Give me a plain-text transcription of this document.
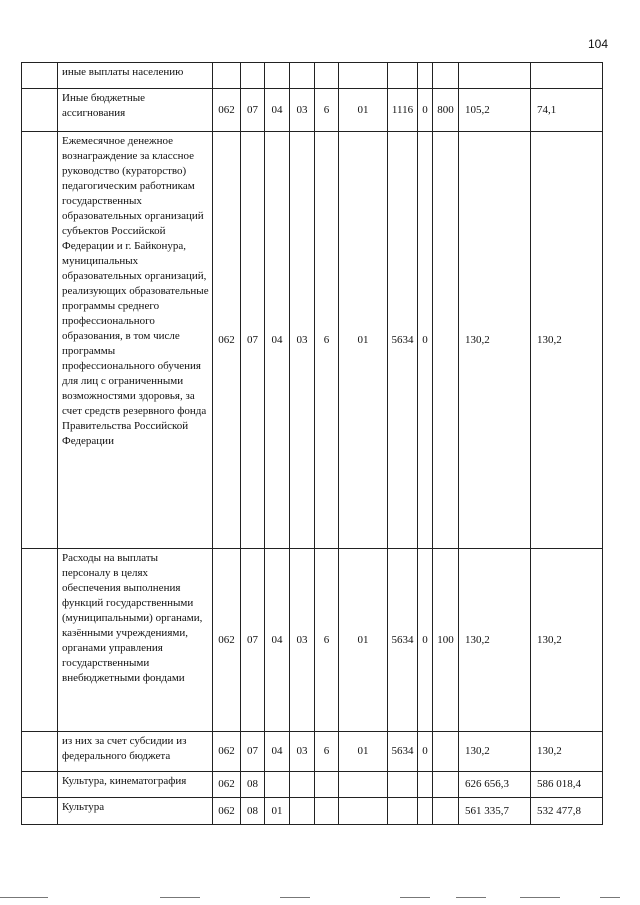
104
	иные выплаты населению											
	Иные бюджетные ассигнования	062	07	04	03	6	01	1116	0	800	105,2	74,1
	Ежемесячное денежное вознаграждение за классное руководство (кураторство) педагогическим работникам государственных образовательных организаций субъектов Российской Федерации и г. Байконура, муниципальных образовательных организаций, реализующих образовательные программы среднего профессионального образования, в том числе программы профессионального обучения для лиц с ограниченными возможностями здоровья, за счет средств резервного фонда Правительства Российской Федерации	062	07	04	03	6	01	5634	0		130,2	130,2
	Расходы на выплаты персоналу в целях обеспечения выполнения функций государственными (муниципальными) органами, казёнными учреждениями, органами управления государственными внебюджетными фондами	062	07	04	03	6	01	5634	0	100	130,2	130,2
	из них за счет субсидии из федерального бюджета	062	07	04	03	6	01	5634	0		130,2	130,2
	Культура, кинематография	062	08								626 656,3	586 018,4
	Культура	062	08	01							561 335,7	532 477,8
